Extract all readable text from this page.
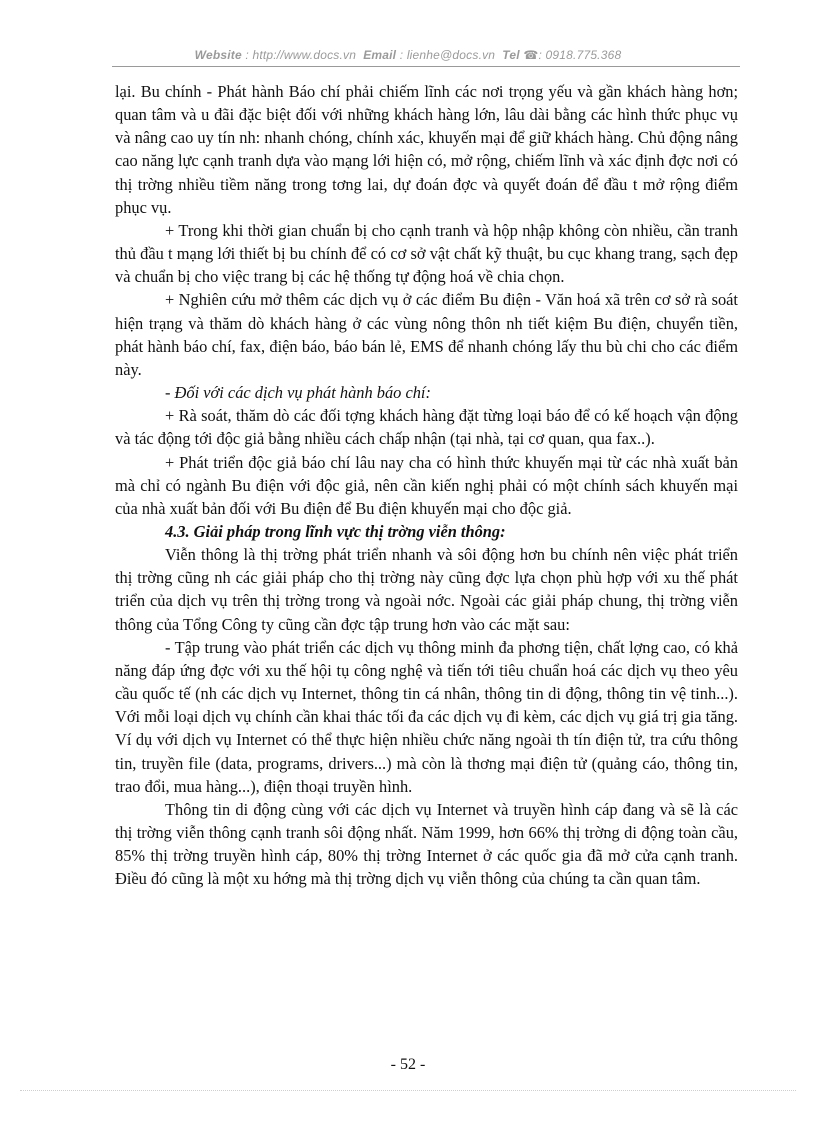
Website : http://www.docs.vn Email : lienhe@docs.vn Tel ☎: 0918.775.368

lại. Bu chính - Phát hành Báo chí phải chiếm lĩnh các nơi trọng yếu và gần khách hàng hơn; quan tâm và u đãi đặc biệt đối với những khách hàng lớn, lâu dài bằng các hình thức phục vụ và nâng cao uy tín nh: nhanh chóng, chính xác, khuyến mại để giữ khách hàng. Chủ động nâng cao năng lực cạnh tranh dựa vào mạng lới hiện có, mở rộng, chiếm lĩnh và xác định đợc nơi có thị trờng nhiều tiềm năng trong tơng lai, dự đoán đợc và quyết đoán để đầu t mở rộng điểm phục vụ.

+ Trong khi thời gian chuẩn bị cho cạnh tranh và hộp nhập không còn nhiều, cần tranh thủ đầu t mạng lới thiết bị bu chính để có cơ sở vật chất kỹ thuật, bu cục khang trang, sạch đẹp và chuẩn bị cho việc trang bị các hệ thống tự động hoá về chia chọn.

+ Nghiên cứu mở thêm các dịch vụ ở các điểm Bu điện - Văn hoá xã trên cơ sở rà soát hiện trạng và thăm dò khách hàng ở các vùng nông thôn nh tiết kiệm Bu điện, chuyển tiền, phát hành báo chí, fax, điện báo, báo bán lẻ, EMS để nhanh chóng lấy thu bù chi cho các điểm này.

- Đối với các dịch vụ phát hành báo chí:

+ Rà soát, thăm dò các đối tợng khách hàng đặt từng loại báo để có kế hoạch vận động và tác động tới độc giả bằng nhiều cách chấp nhận (tại nhà, tại cơ quan, qua fax..).

+ Phát triển độc giả báo chí lâu nay cha có hình thức khuyến mại từ các nhà xuất bản mà chỉ có ngành Bu điện với độc giả, nên cần kiến nghị phải có một chính sách khuyến mại của nhà xuất bản đối với Bu điện để Bu điện khuyến mại cho độc giả.

4.3. Giải pháp trong lĩnh vực thị trờng viễn thông:

Viễn thông là thị trờng phát triển nhanh và sôi động hơn bu chính nên việc phát triển thị trờng cũng nh các giải pháp cho thị trờng này cũng đợc lựa chọn phù hợp với xu thế phát triển của dịch vụ trên thị trờng trong và ngoài nớc. Ngoài các giải pháp chung, thị trờng viễn thông của Tổng Công ty cũng cần đợc tập trung hơn vào các mặt sau:

- Tập trung vào phát triển các dịch vụ thông minh đa phơng tiện, chất lợng cao, có khả năng đáp ứng đợc với xu thế hội tụ công nghệ và tiến tới tiêu chuẩn hoá các dịch vụ theo yêu cầu quốc tế (nh các dịch vụ Internet, thông tin cá nhân, thông tin di động, thông tin vệ tinh...). Với mỗi loại dịch vụ chính cần khai thác tối đa các dịch vụ đi kèm, các dịch vụ giá trị gia tăng. Ví dụ với dịch vụ Internet có thể thực hiện nhiều chức năng ngoài th tín điện tử, tra cứu thông tin, truyền file (data, programs, drivers...) mà còn là thơng mại điện tử (quảng cáo, thông tin, trao đổi, mua hàng...), điện thoại truyền hình.

Thông tin di động cùng với các dịch vụ Internet và truyền hình cáp đang và sẽ là các thị trờng viễn thông cạnh tranh sôi động nhất. Năm 1999, hơn 66% thị trờng di động toàn cầu, 85% thị trờng truyền hình cáp, 80% thị trờng Internet ở các quốc gia đã mở cửa cạnh tranh. Điều đó cũng là một xu hớng mà thị trờng dịch vụ viễn thông của chúng ta cần quan tâm.

- 52 -
